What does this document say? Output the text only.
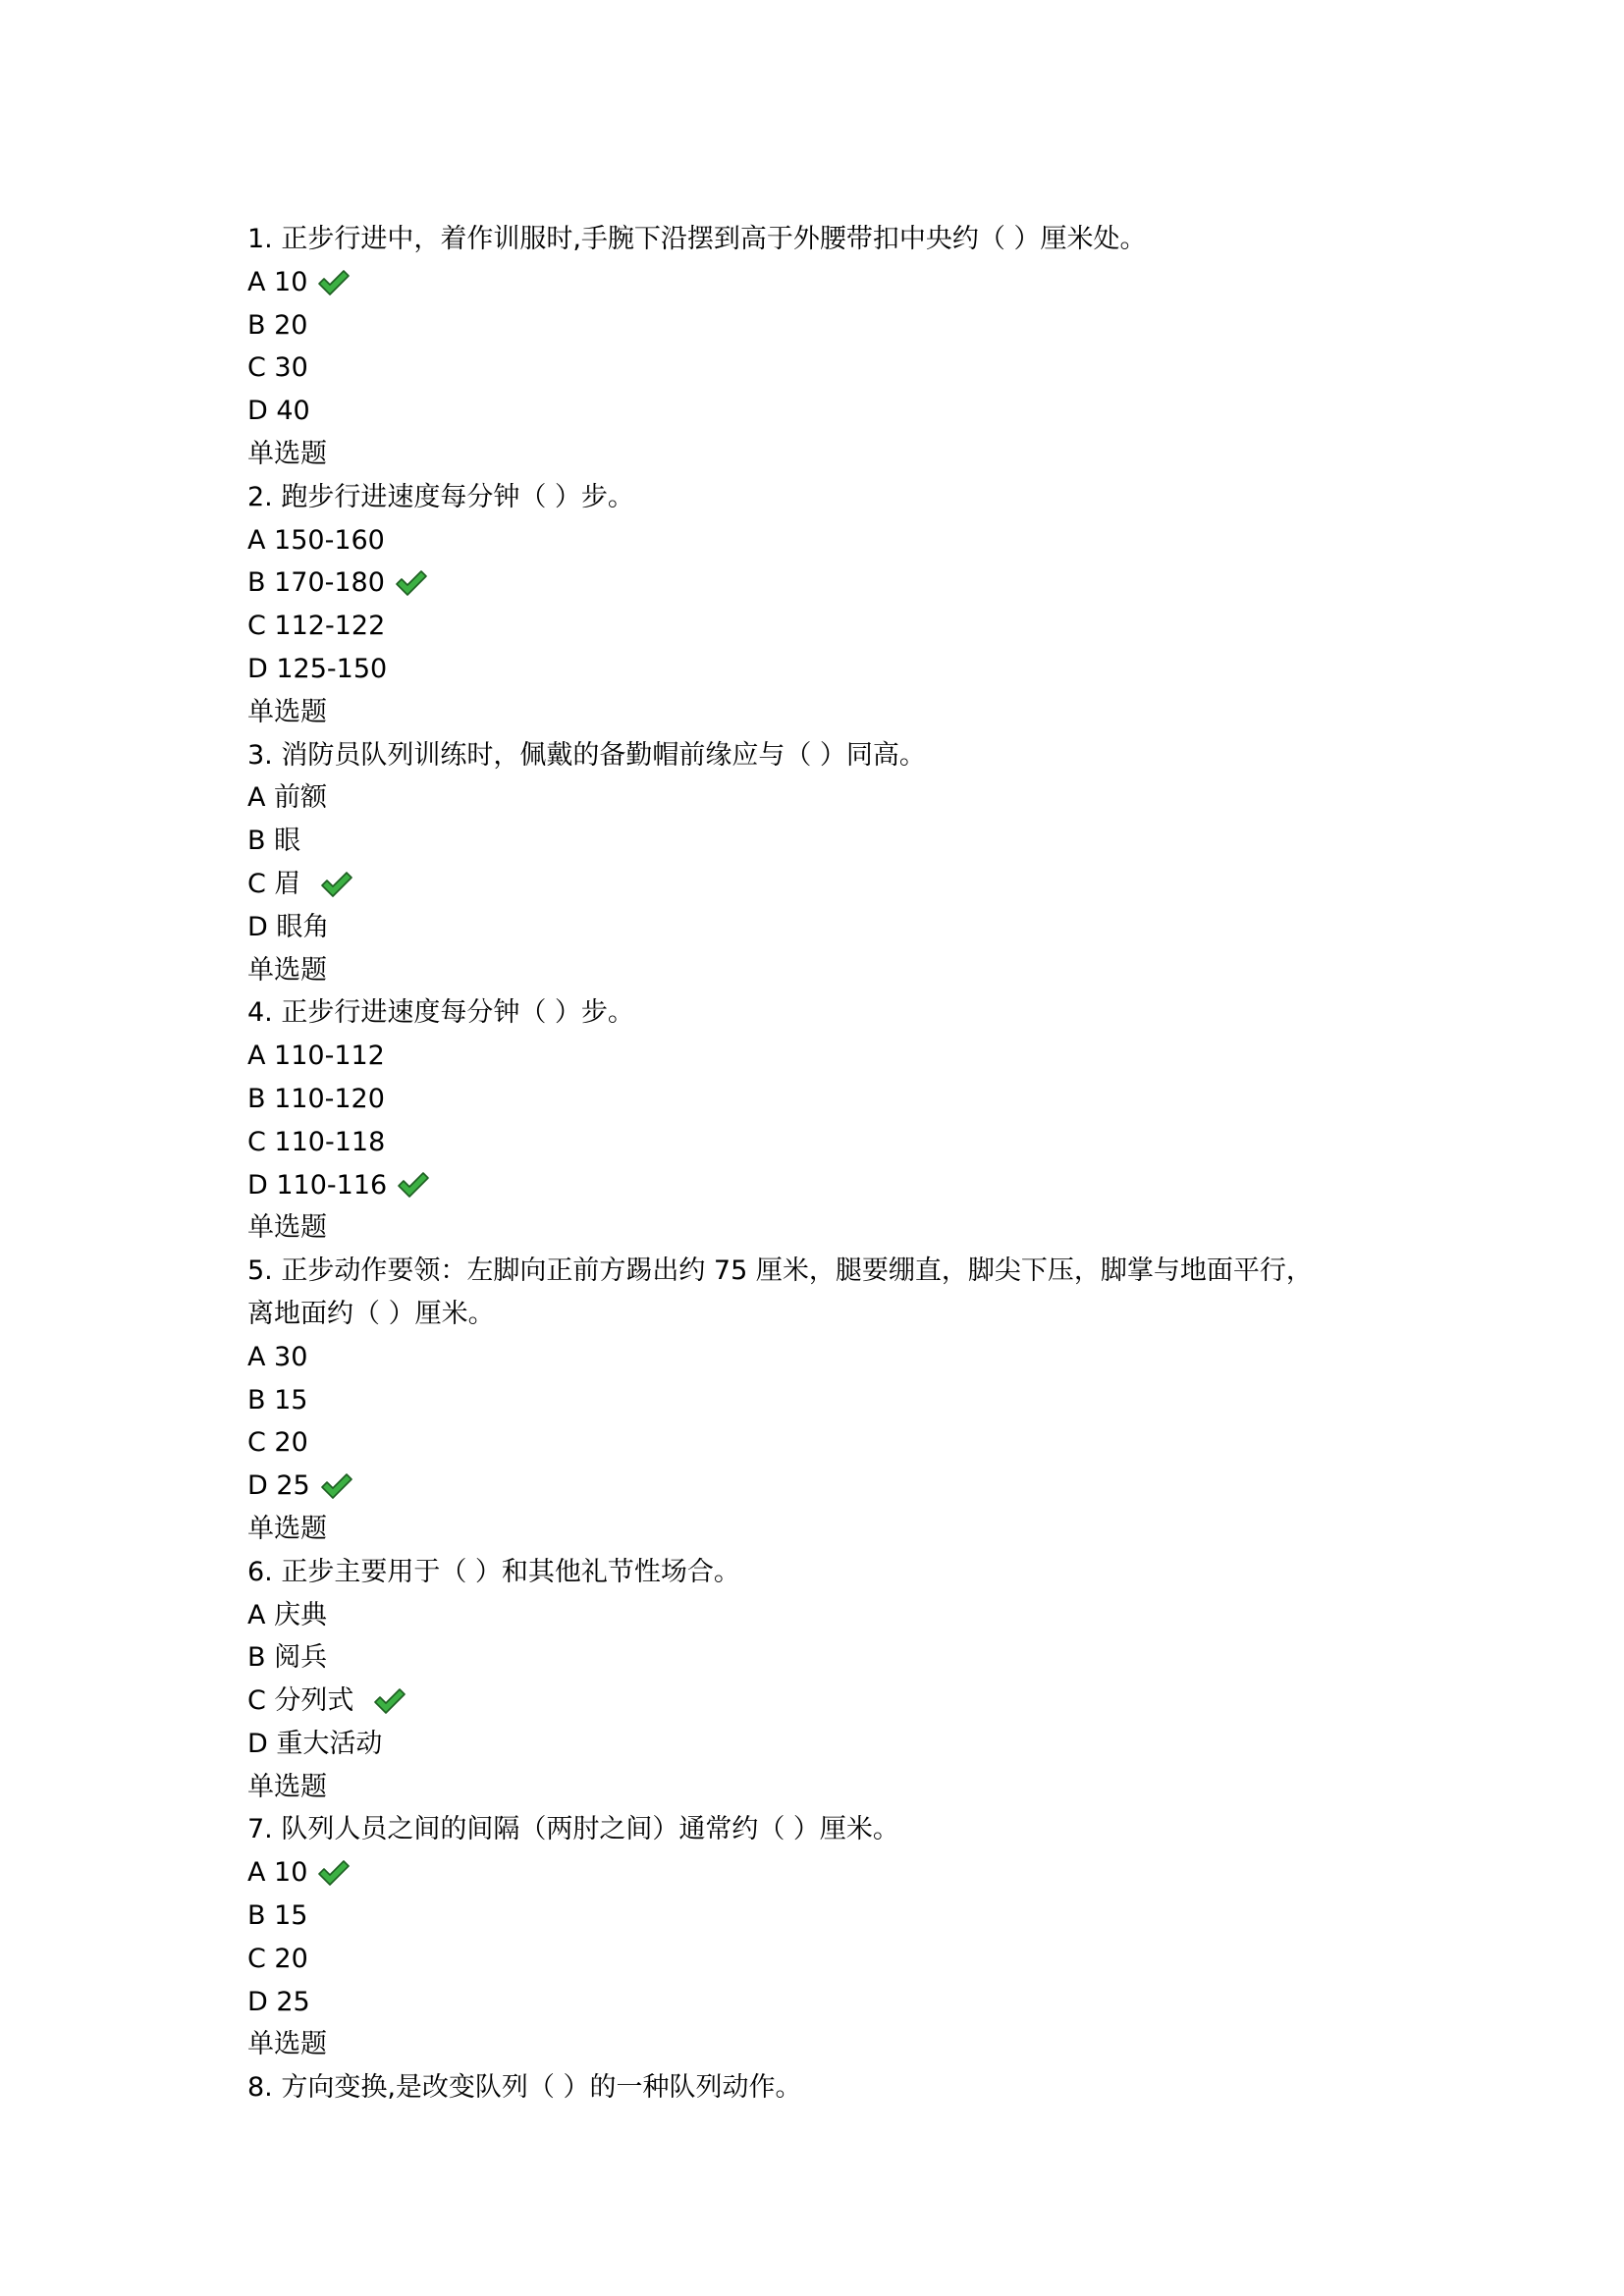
1. 正步行进中，着作训服时,手腕下沿摆到高于外腰带扣中央约（ ）厘米处。
A 10
B 20
C 30
D 40
单选题
2. 跑步行进速度每分钟（ ）步。
A 150-160
B 170-180
C 112-122
D 125-150
单选题
3. 消防员队列训练时，佩戴的备勤帽前缘应与（ ）同高。
A 前额
B 眼
C 眉
D 眼角
单选题
4. 正步行进速度每分钟（ ）步。
A 110-112
B 110-120
C 110-118
D 110-116
单选题
5. 正步动作要领：左脚向正前方踢出约 75 厘米，腿要绷直，脚尖下压，脚掌与地面平行，
离地面约（ ）厘米。
A 30
B 15
C 20
D 25
单选题
6. 正步主要用于（ ）和其他礼节性场合。
A 庆典
B 阅兵
C 分列式
D 重大活动
单选题
7. 队列人员之间的间隔（两肘之间）通常约（ ）厘米。
A 10
B 15
C 20
D 25
单选题
8. 方向变换,是改变队列（ ）的一种队列动作。
